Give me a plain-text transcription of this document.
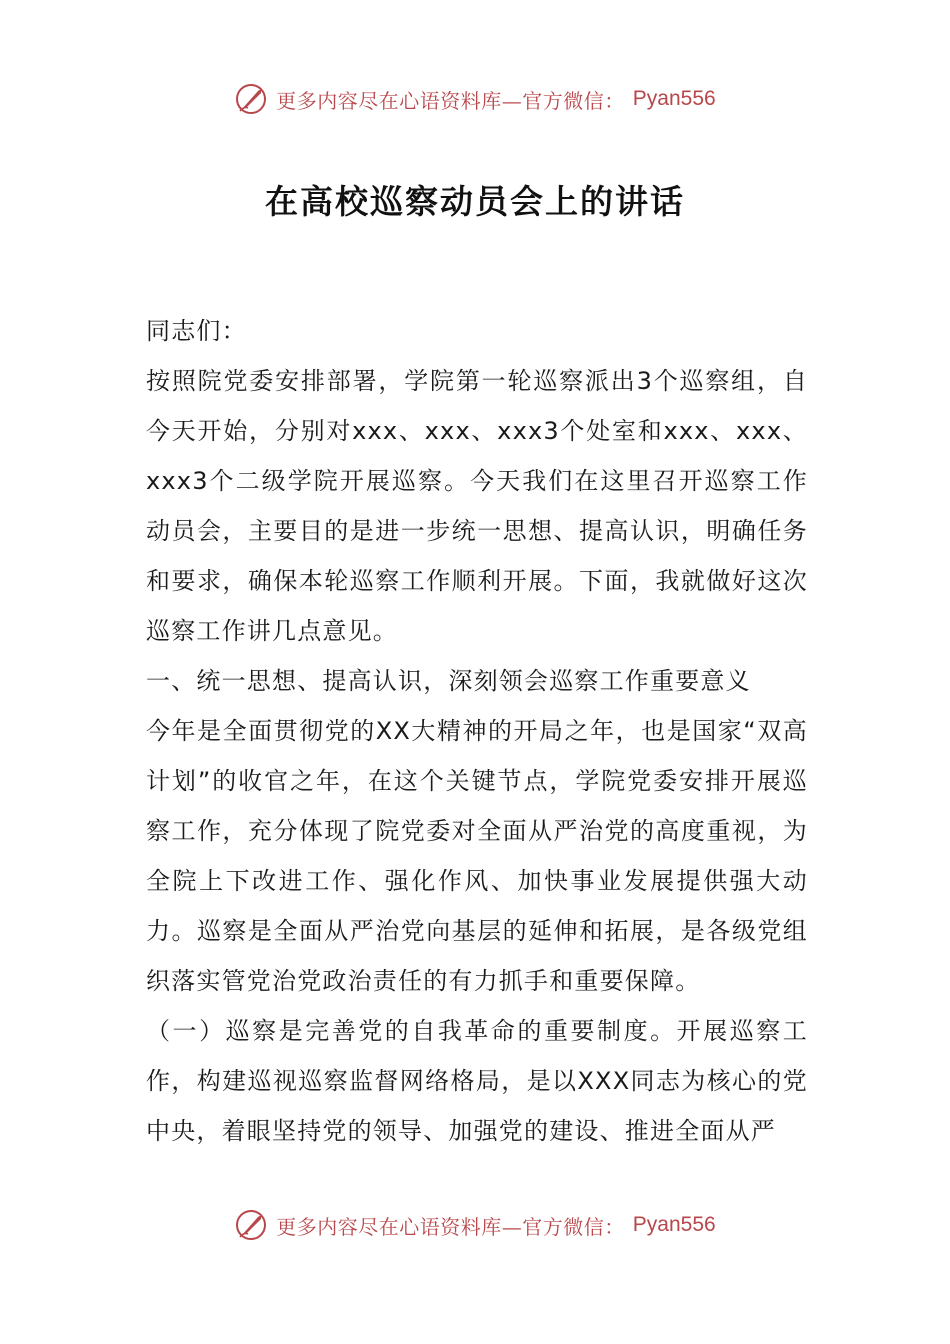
更多内容尽在心语资料库—官方微信： Pyan556
在高校巡察动员会上的讲话

同志们：

按照院党委安排部署，学院第一轮巡察派出3个巡察组，自今天开始，分别对xxx、xxx、xxx3个处室和xxx、xxx、xxx3个二级学院开展巡察。今天我们在这里召开巡察工作动员会，主要目的是进一步统一思想、提高认识，明确任务和要求，确保本轮巡察工作顺利开展。下面，我就做好这次巡察工作讲几点意见。

一、统一思想、提高认识，深刻领会巡察工作重要意义

今年是全面贯彻党的XX大精神的开局之年，也是国家“双高计划”的收官之年，在这个关键节点，学院党委安排开展巡察工作，充分体现了院党委对全面从严治党的高度重视，为全院上下改进工作、强化作风、加快事业发展提供强大动力。巡察是全面从严治党向基层的延伸和拓展，是各级党组织落实管党治党政治责任的有力抓手和重要保障。

（一）巡察是完善党的自我革命的重要制度。开展巡察工作，构建巡视巡察监督网络格局，是以XXX同志为核心的党中央，着眼坚持党的领导、加强党的建设、推进全面从严

更多内容尽在心语资料库—官方微信： Pyan556
